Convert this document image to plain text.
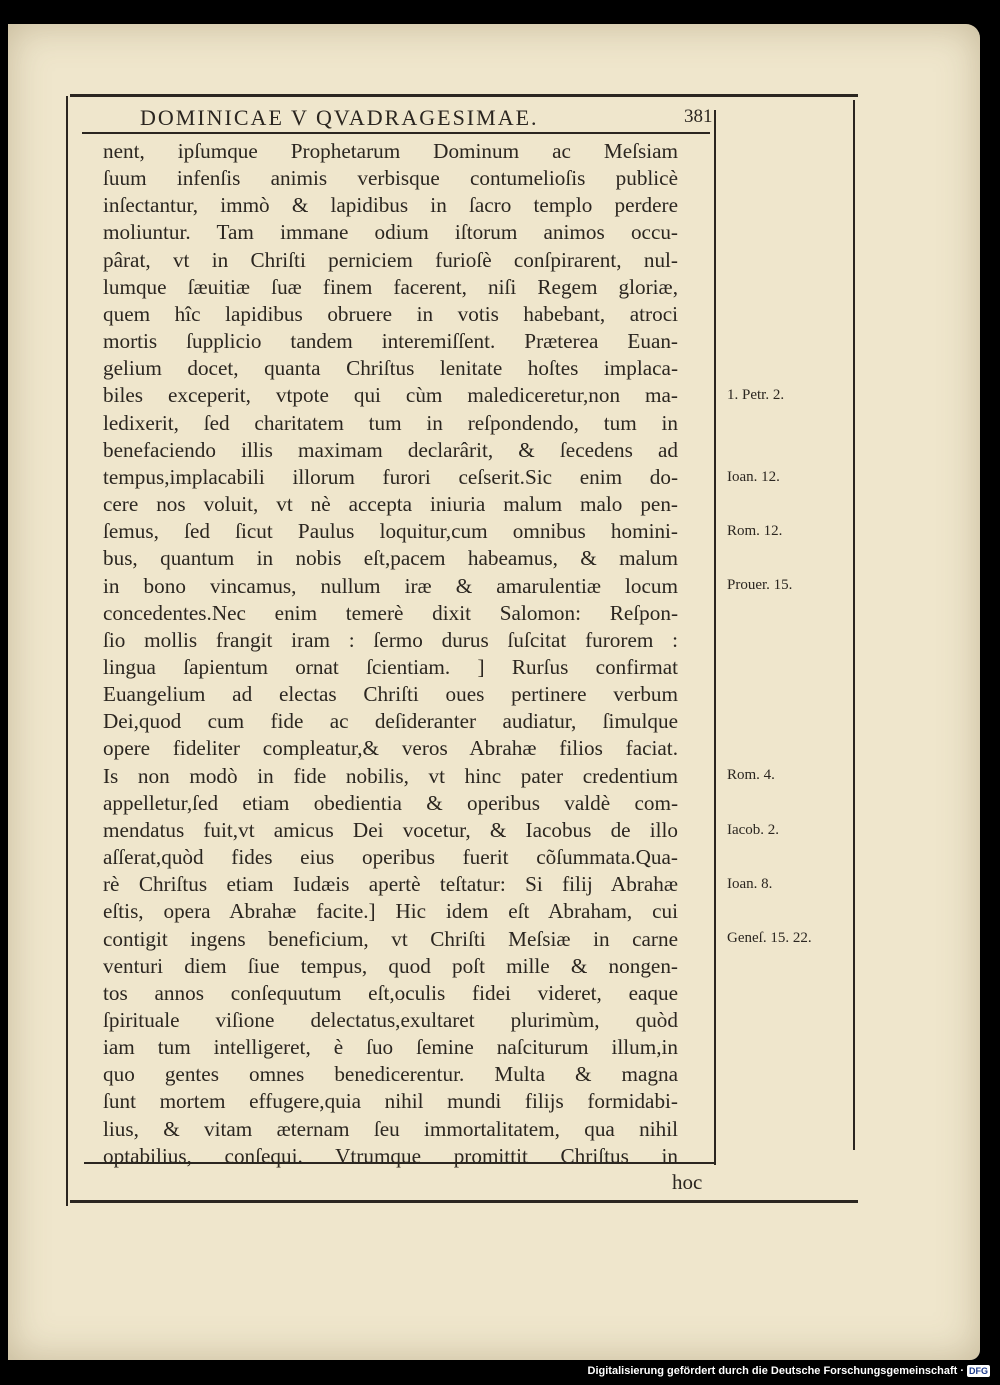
DOMINICAE V QVADRAGESIMAE.	381
nent, ipſumque Prophetarum Dominum ac Meſsiam
ſuum infenſis animis verbisque contumelioſis publicè
inſectantur, immò & lapidibus in ſacro templo perdere
moliuntur. Tam immane odium iſtorum animos occu-
pârat, vt in Chriſti perniciem furioſè conſpirarent, nul-
lumque ſæuitiæ ſuæ finem facerent, niſi Regem gloriæ,
quem hîc lapidibus obruere in votis habebant, atroci
mortis ſupplicio tandem interemiſſent. Præterea Euan-
gelium docet, quanta Chriſtus lenitate hoſtes implaca-
biles exceperit, vtpote qui cùm malediceretur,non ma-
ledixerit, ſed charitatem tum in reſpondendo, tum in
benefaciendo illis maximam declarârit, & ſecedens ad
tempus,implacabili illorum furori ceſserit.Sic enim do-
cere nos voluit, vt nè accepta iniuria malum malo pen-
ſemus, ſed ſicut Paulus loquitur,cum omnibus homini-
bus, quantum in nobis eſt,pacem habeamus, & malum
in bono vincamus, nullum iræ & amarulentiæ locum
concedentes.Nec enim temerè dixit Salomon: Reſpon-
ſio mollis frangit iram : ſermo durus ſuſcitat furorem :
lingua ſapientum ornat ſcientiam. ] Rurſus confirmat
Euangelium ad electas Chriſti oues pertinere verbum
Dei,quod cum fide ac deſideranter audiatur, ſimulque
opere fideliter compleatur,& veros Abrahæ filios faciat.
Is non modò in fide nobilis, vt hinc pater credentium
appelletur,ſed etiam obedientia & operibus valdè com-
mendatus fuit,vt amicus Dei vocetur, & Iacobus de illo
aſſerat,quòd fides eius operibus fuerit cõſummata.Qua-
rè Chriſtus etiam Iudæis apertè teſtatur: Si filij Abrahæ
eſtis, opera Abrahæ facite.] Hic idem eſt Abraham, cui
contigit ingens beneficium, vt Chriſti Meſsiæ in carne
venturi diem ſiue tempus, quod poſt mille & nongen-
tos annos conſequutum eſt,oculis fidei videret, eaque
ſpirituale viſione delectatus,exultaret plurimùm, quòd
iam tum intelligeret, è ſuo ſemine naſciturum illum,in
quo gentes omnes benedicerentur. Multa & magna
ſunt mortem effugere,quia nihil mundi filijs formidabi-
lius, & vitam æternam ſeu immortalitatem, qua nihil
optabilius, conſequi. Vtrumque promittit Chriſtus in
1. Petr. 2.
Ioan. 12.
Rom. 12.
Prouer. 15.
Rom. 4.
Iacob. 2.
Ioan. 8.
Geneſ. 15. 22.
hoc
Digitalisierung gefördert durch die Deutsche Forschungsgemeinschaft · DFG
